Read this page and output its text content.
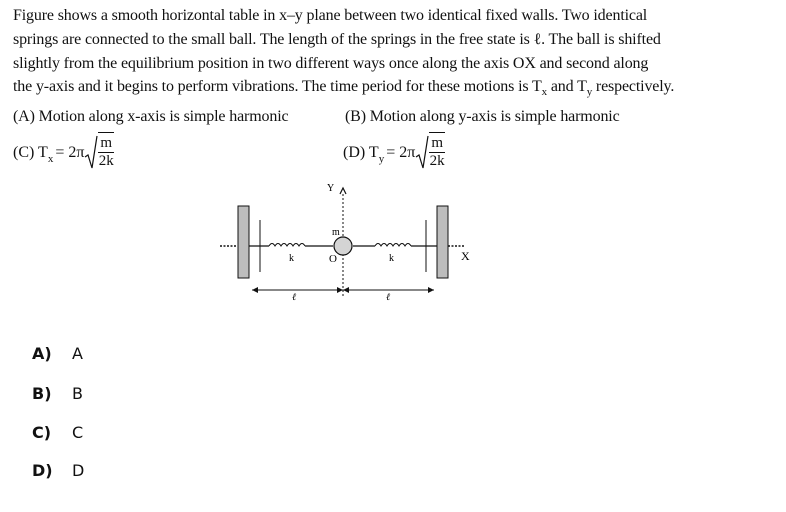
Figure shows a smooth horizontal table in x–y plane between two identical fixed walls. Two identical

springs are connected to the small ball. The length of the springs in the free state is ℓ. The ball is shifted

slightly from the equilibrium position in two different ways once along the axis OX and second along

the y-axis and it begins to perform vibrations. The time period for these motions is $T_x$ and $T_y$ respectively.

(A) Motion along x-axis is simple harmonic	(B) Motion along y-axis is simple harmonic
(C) T $x = 2\pi \frac{m}{2k}$	(D) T $y = 2\pi \frac{m}{2k}$
Y
m
O
k	k	X
ℓ	ℓ
A) A
B) B
C) C
D) D
